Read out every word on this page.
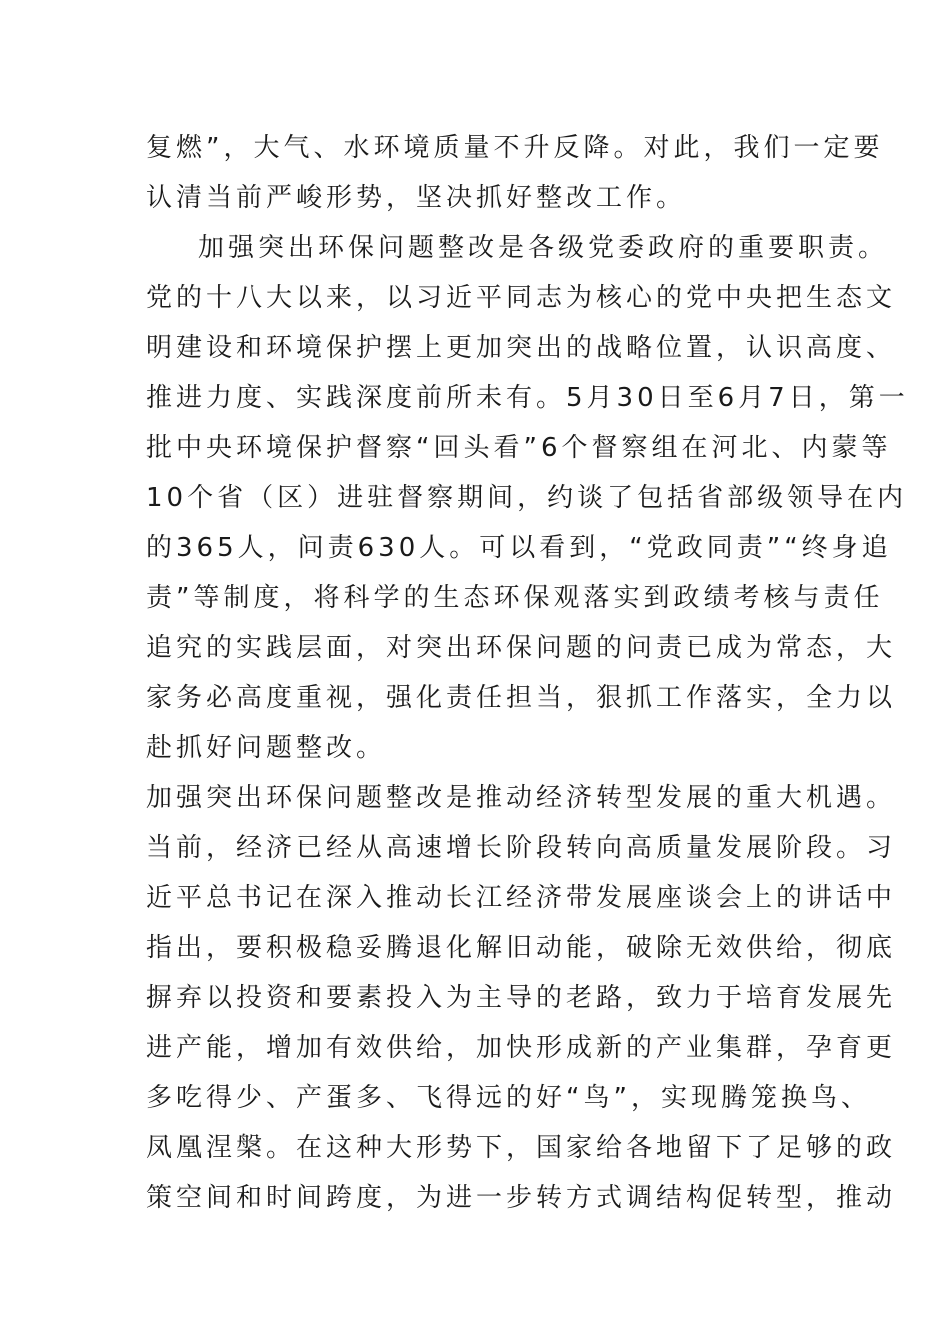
复燃”，大气、水环境质量不升反降。对此，我们一定要
认清当前严峻形势，坚决抓好整改工作。
加强突出环保问题整改是各级党委政府的重要职责。
党的十八大以来，以习近平同志为核心的党中央把生态文
明建设和环境保护摆上更加突出的战略位置，认识高度、
推进力度、实践深度前所未有。5月30日至6月7日，第一
批中央环境保护督察“回头看”6个督察组在河北、内蒙等
10个省（区）进驻督察期间，约谈了包括省部级领导在内
的365人，问责630人。可以看到，“党政同责”“终身追
责”等制度，将科学的生态环保观落实到政绩考核与责任
追究的实践层面，对突出环保问题的问责已成为常态，大
家务必高度重视，强化责任担当，狠抓工作落实，全力以
赴抓好问题整改。
加强突出环保问题整改是推动经济转型发展的重大机遇。
当前，经济已经从高速增长阶段转向高质量发展阶段。习
近平总书记在深入推动长江经济带发展座谈会上的讲话中
指出，要积极稳妥腾退化解旧动能，破除无效供给，彻底
摒弃以投资和要素投入为主导的老路，致力于培育发展先
进产能，增加有效供给，加快形成新的产业集群，孕育更
多吃得少、产蛋多、飞得远的好“鸟”，实现腾笼换鸟、
凤凰涅槃。在这种大形势下，国家给各地留下了足够的政
策空间和时间跨度，为进一步转方式调结构促转型，推动
